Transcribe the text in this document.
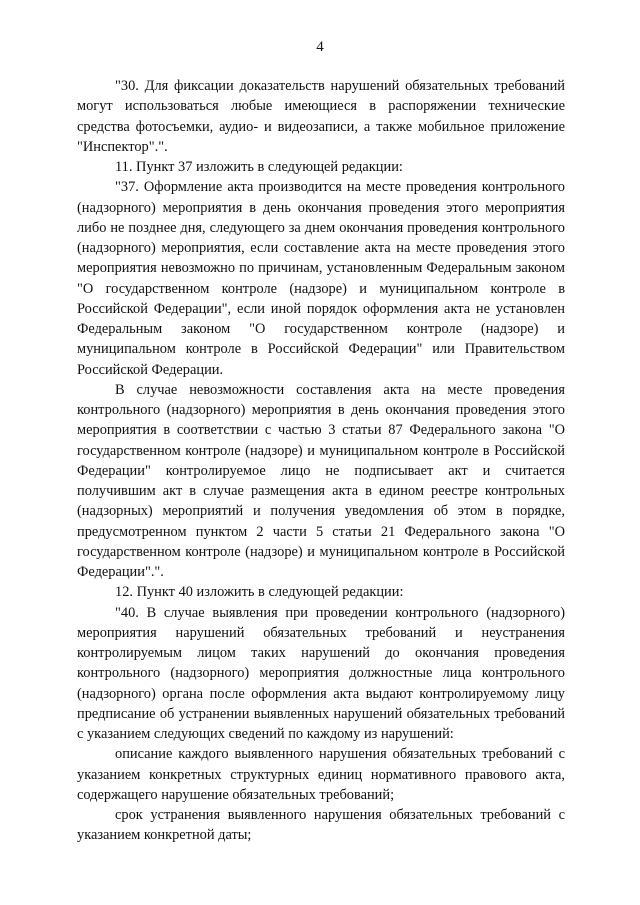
4

"30. Для фиксации доказательств нарушений обязательных требований могут использоваться любые имеющиеся в распоряжении технические средства фотосъемки, аудио- и видеозаписи, а также мобильное приложение "Инспектор".".

11. Пункт 37 изложить в следующей редакции:

"37. Оформление акта производится на месте проведения контрольного (надзорного) мероприятия в день окончания проведения этого мероприятия либо не позднее дня, следующего за днем окончания проведения контрольного (надзорного) мероприятия, если составление акта на месте проведения этого мероприятия невозможно по причинам, установленным Федеральным законом "О государственном контроле (надзоре) и муниципальном контроле в Российской Федерации", если иной порядок оформления акта не установлен Федеральным законом "О государственном контроле (надзоре) и муниципальном контроле в Российской Федерации" или Правительством Российской Федерации.

В случае невозможности составления акта на месте проведения контрольного (надзорного) мероприятия в день окончания проведения этого мероприятия в соответствии с частью 3 статьи 87 Федерального закона "О государственном контроле (надзоре) и муниципальном контроле в Российской Федерации" контролируемое лицо не подписывает акт и считается получившим акт в случае размещения акта в едином реестре контрольных (надзорных) мероприятий и получения уведомления об этом в порядке, предусмотренном пунктом 2 части 5 статьи 21 Федерального закона "О государственном контроле (надзоре) и муниципальном контроле в Российской Федерации".".

12. Пункт 40 изложить в следующей редакции:

"40. В случае выявления при проведении контрольного (надзорного) мероприятия нарушений обязательных требований и неустранения контролируемым лицом таких нарушений до окончания проведения контрольного (надзорного) мероприятия должностные лица контрольного (надзорного) органа после оформления акта выдают контролируемому лицу предписание об устранении выявленных нарушений обязательных требований с указанием следующих сведений по каждому из нарушений:

описание каждого выявленного нарушения обязательных требований с указанием конкретных структурных единиц нормативного правового акта, содержащего нарушение обязательных требований;

срок устранения выявленного нарушения обязательных требований с указанием конкретной даты;
